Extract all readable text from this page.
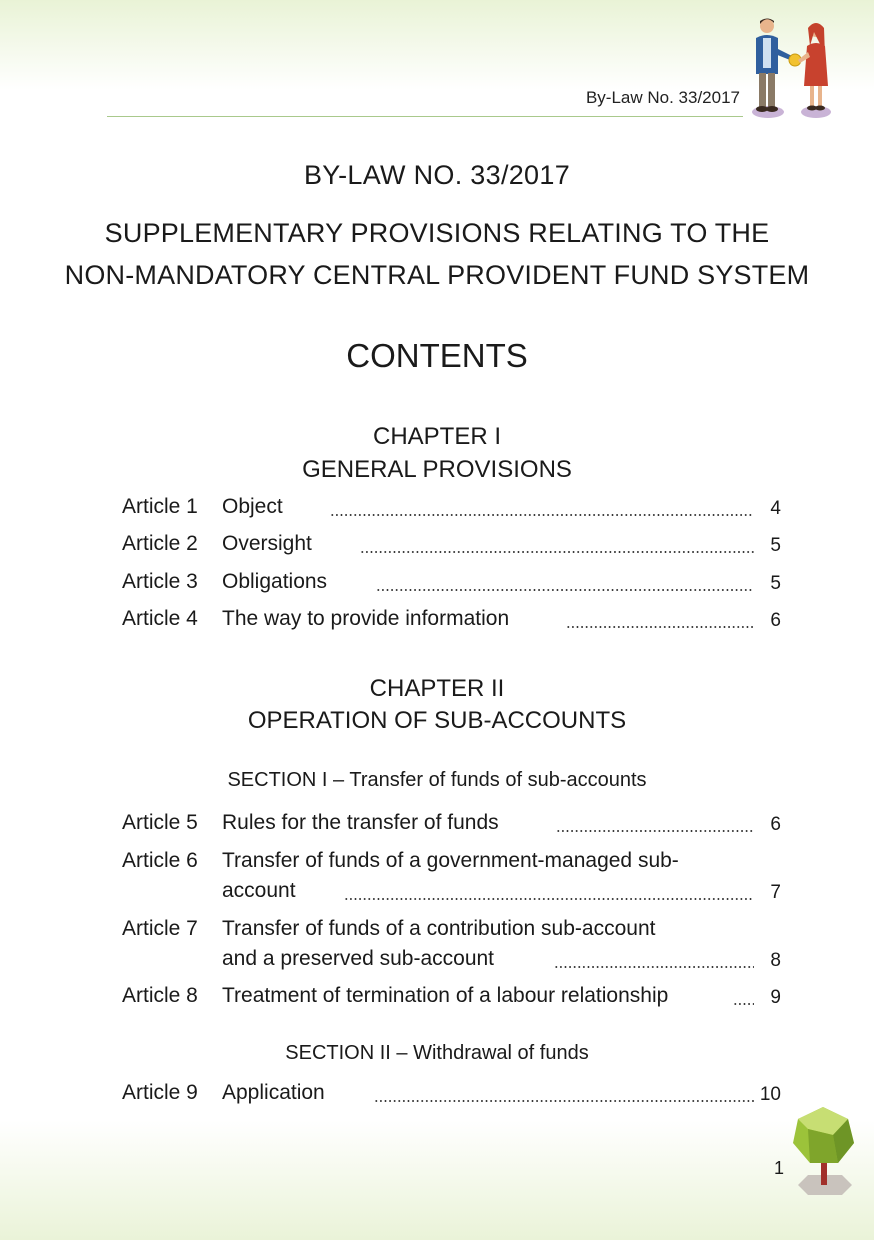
By-Law No. 33/2017
BY-LAW NO. 33/2017
SUPPLEMENTARY PROVISIONS RELATING TO THE
NON-MANDATORY CENTRAL PROVIDENT FUND SYSTEM
CONTENTS
CHAPTER I
GENERAL PROVISIONS
Article 1 Object	4
Article 2 Oversight	5
Article 3 Obligations	5
Article 4 The way to provide information	6
CHAPTER II
OPERATION OF SUB-ACCOUNTS
SECTION I – Transfer of funds of sub-accounts
Article 5 Rules for the transfer of funds	6
Article 6 Transfer of funds of a government-managed sub-
account	7
Article 7 Transfer of funds of a contribution sub-account
and a preserved sub-account	8
Article 8 Treatment of termination of a labour relationship	9
SECTION II – Withdrawal of funds
Article 9 Application	10
1
